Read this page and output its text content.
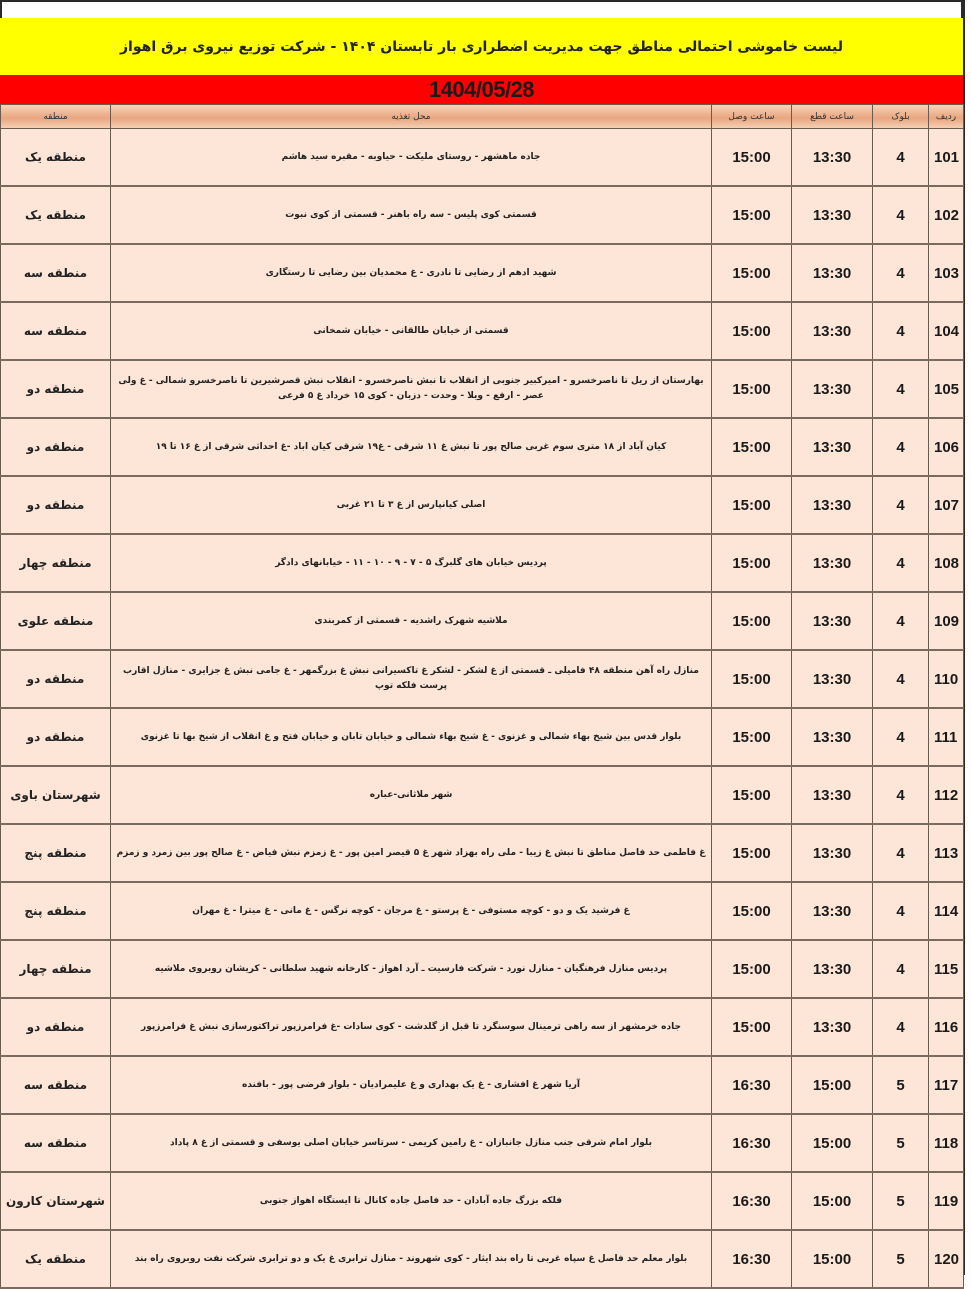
لیست خاموشی احتمالی مناطق جهت مدیریت اضطراری بار تابستان ۱۴۰۴ - شرکت توزیع نیروی برق اهواز
1404/05/28
منطقه	محل تغذیه	ساعت وصل	ساعت قطع	بلوک	ردیف
منطقه یک	جاده ماهشهر - روستای ملیکت - حیاوبه - مقبره سید هاشم	15:00	13:30	4	101
منطقه یک	قسمتی کوی پلیس - سه راه باهنر - قسمتی از کوی نبوت	15:00	13:30	4	102
منطقه سه	شهید ادهم از رضایی تا نادری - غ محمدیان بین رضایی تا رستگاری	15:00	13:30	4	103
منطقه سه	قسمتی از خیابان طالقانی - خیابان شمخانی	15:00	13:30	4	104
منطقه دو	بهارستان از ریل تا ناصرخسرو - امیرکبیر جنوبی از انقلاب تا نبش ناصرخسرو - انقلاب نبش قصرشیرین تا ناصرخسرو شمالی - غ ولی عصر - ارفع - ویلا - وحدت - دزبان - کوی ۱۵ خرداد غ ۵ فرعی	15:00	13:30	4	105
منطقه دو	کیان آباد از ۱۸ متری سوم غربی صالح پور تا نبش غ ۱۱ شرقی - غ۱۹ شرقی کیان اباد -غ احداثی شرقی از غ ۱۶ تا ۱۹	15:00	13:30	4	106
منطقه دو	اصلی کیانپارس از غ ۳ تا ۲۱ غربی	15:00	13:30	4	107
منطقه چهار	پردیس خیابان های گلبرگ ۵ - ۷ - ۹ - ۱۰ - ۱۱ - خیابانهای دادگر	15:00	13:30	4	108
منطقه علوی	ملاشیه شهرک راشدیه - قسمتی از کمربندی	15:00	13:30	4	109
منطقه دو	منازل راه آهن منطقه ۴۸ فامیلی ـ قسمتی از غ لشکر - لشکر غ تاکسیرانی نبش غ بزرگمهر - غ جامی نبش غ جزایری - منازل اقارب پرست فلکه توپ	15:00	13:30	4	110
منطقه دو	بلوار قدس بین شیخ بهاء شمالی و غزنوی - غ شیخ بهاء شمالی و خیابان تابان و خیابان فتح و غ انقلاب از شیخ بها تا غزنوی	15:00	13:30	4	111
شهرستان باوی	شهر ملاثانی-عباره	15:00	13:30	4	112
منطقه پنج	غ فاطمی حد فاصل مناطق تا نبش غ زیبا - ملی راه بهزاد شهر غ ۵ قیصر امین پور - غ زمزم نبش فیاض - غ صالح پور بین زمرد و زمزم	15:00	13:30	4	113
منطقه پنج	غ فرشید یک و دو - کوچه مستوفی - غ پرستو - غ مرجان - کوچه نرگس - غ مانی - غ میترا - غ مهران	15:00	13:30	4	114
منطقه چهار	پردیس منازل فرهنگیان - منازل نورد - شرکت فارسیت ـ آرد اهواز - کارخانه شهید سلطانی - کریشان روبروی ملاشیه	15:00	13:30	4	115
منطقه دو	جاده خرمشهر از سه راهی ترمینال سوسنگرد تا قبل از گلدشت - کوی سادات -غ فرامرزپور تراکتورسازی نبش غ فرامرزپور	15:00	13:30	4	116
منطقه سه	آریا شهر غ افشاری - غ یک بهداری و غ علیمرادیان - بلوار فرضی پور - بافنده	16:30	15:00	5	117
منطقه سه	بلوار امام شرقی جنب منازل جانبازان - غ رامین کریمی - سرتاسر خیابان اصلی یوسفی و قسمتی از غ ۸ پاداد	16:30	15:00	5	118
شهرستان کارون	فلکه بزرگ جاده آبادان - حد فاصل جاده کانال تا ایستگاه اهواز جنوبی	16:30	15:00	5	119
منطقه یک	بلوار معلم حد فاصل غ سپاه غربی تا راه بند ایثار - کوی شهروند - منازل ترابری غ یک و دو ترابری شرکت نفت روبروی راه بند	16:30	15:00	5	120
